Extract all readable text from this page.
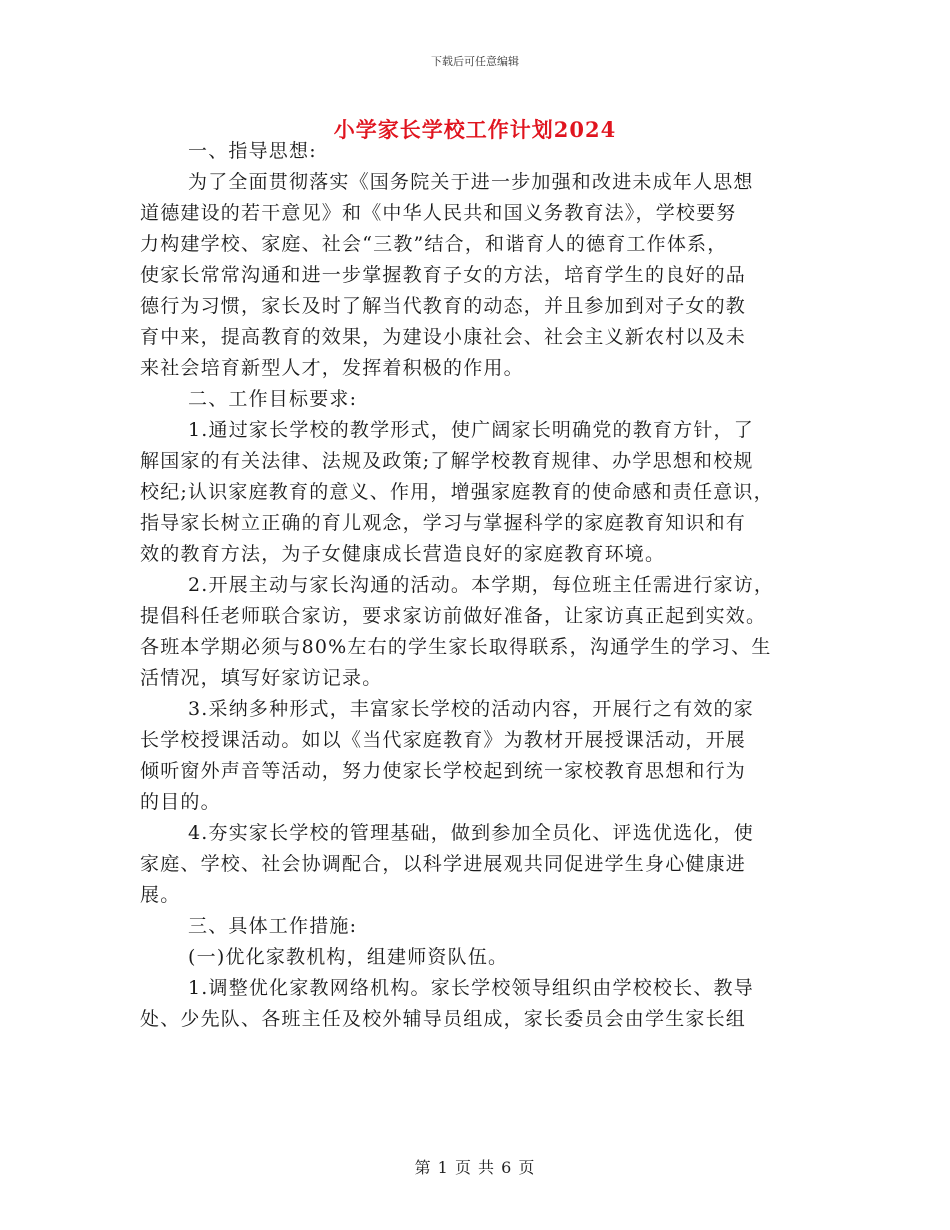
下载后可任意编辑
小学家长学校工作计划2024
一、指导思想:
为了全面贯彻落实《国务院关于进一步加强和改进未成年人思想
道德建设的若干意见》和《中华人民共和国义务教育法》，学校要努
力构建学校、家庭、社会“三教”结合，和谐育人的德育工作体系，
使家长常常沟通和进一步掌握教育子女的方法，培育学生的良好的品
德行为习惯，家长及时了解当代教育的动态，并且参加到对子女的教
育中来，提高教育的效果，为建设小康社会、社会主义新农村以及未
来社会培育新型人才，发挥着积极的作用。
二、工作目标要求:
1.通过家长学校的教学形式，使广阔家长明确党的教育方针，了
解国家的有关法律、法规及政策;了解学校教育规律、办学思想和校规
校纪;认识家庭教育的意义、作用，增强家庭教育的使命感和责任意识，
指导家长树立正确的育儿观念，学习与掌握科学的家庭教育知识和有
效的教育方法，为子女健康成长营造良好的家庭教育环境。
2.开展主动与家长沟通的活动。本学期，每位班主任需进行家访，
提倡科任老师联合家访，要求家访前做好准备，让家访真正起到实效。
各班本学期必须与80%左右的学生家长取得联系，沟通学生的学习、生
活情况，填写好家访记录。
3.采纳多种形式，丰富家长学校的活动内容，开展行之有效的家
长学校授课活动。如以《当代家庭教育》为教材开展授课活动，开展
倾听窗外声音等活动，努力使家长学校起到统一家校教育思想和行为
的目的。
4.夯实家长学校的管理基础，做到参加全员化、评选优选化，使
家庭、学校、社会协调配合，以科学进展观共同促进学生身心健康进
展。
三、具体工作措施:
(一)优化家教机构，组建师资队伍。
1.调整优化家教网络机构。家长学校领导组织由学校校长、教导
处、少先队、各班主任及校外辅导员组成，家长委员会由学生家长组
第 1 页 共 6 页
